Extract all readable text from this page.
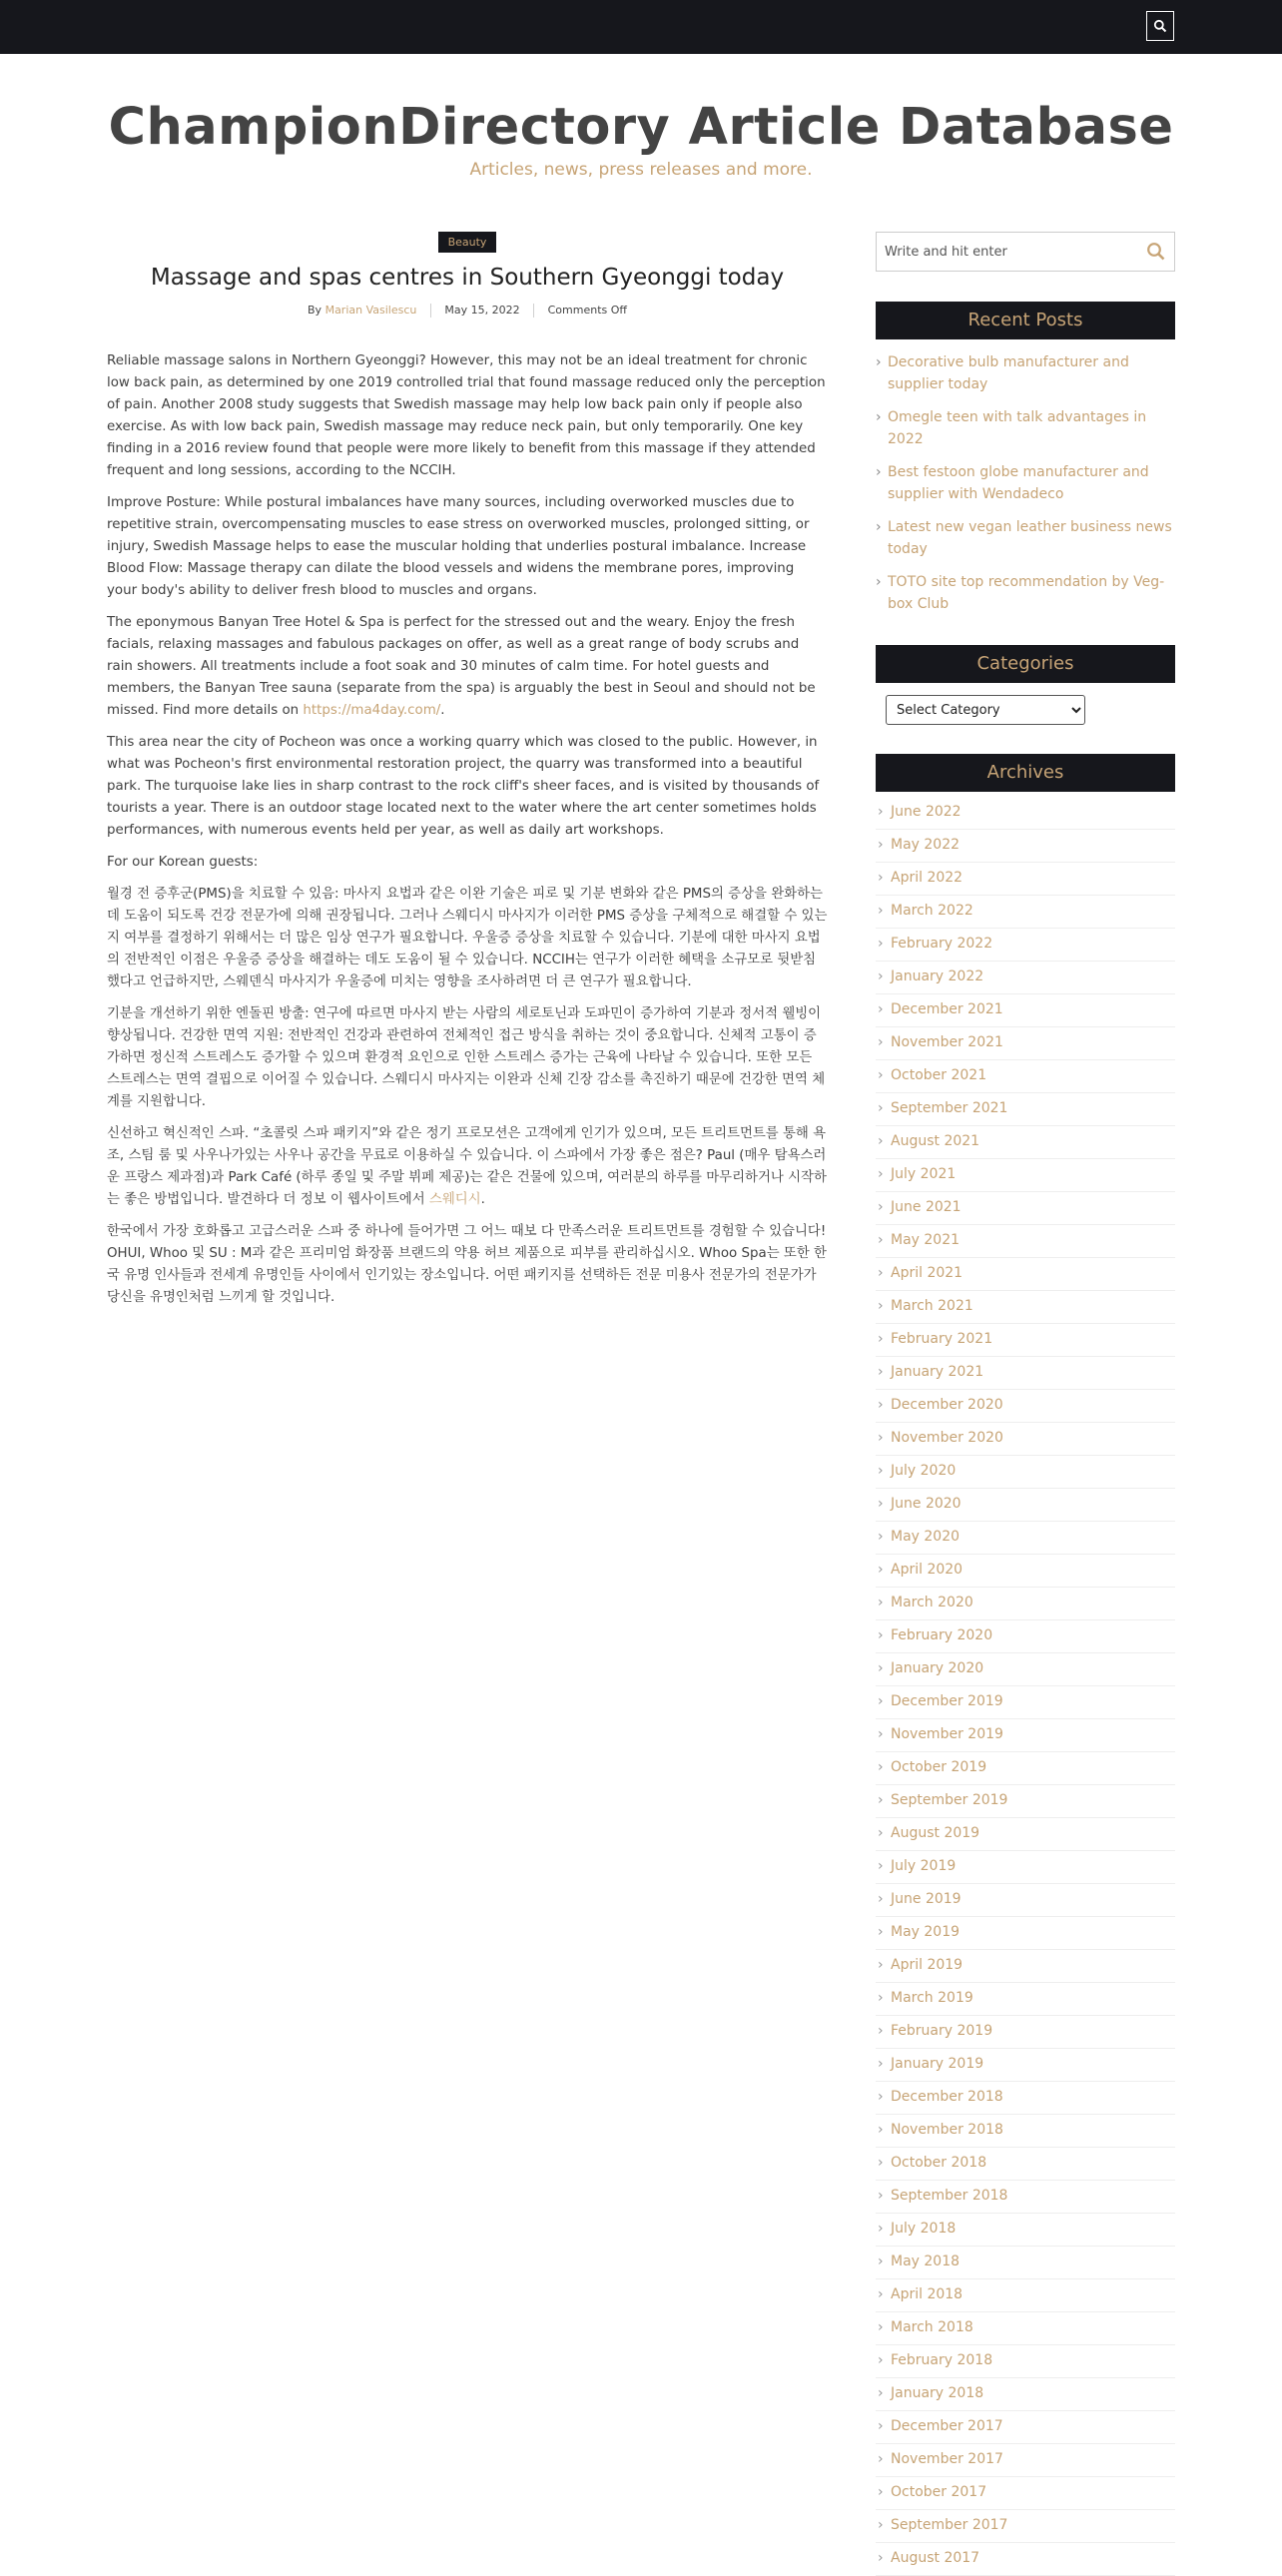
ChampionDirectory Article Database
Articles, news, press releases and more.
Beauty
Massage and spas centres in Southern Gyeonggi today
By Marian Vasilescu	May 15, 2022	Comments Off

Reliable massage salons in Northern Gyeonggi? However, this may not be an ideal treatment for chronic low back pain, as determined by one 2019 controlled trial that found massage reduced only the perception of pain. Another 2008 study suggests that Swedish massage may help low back pain only if people also exercise. As with low back pain, Swedish massage may reduce neck pain, but only temporarily. One key finding in a 2016 review found that people were more likely to benefit from this massage if they attended frequent and long sessions, according to the NCCIH.

Improve Posture: While postural imbalances have many sources, including overworked muscles due to repetitive strain, overcompensating muscles to ease stress on overworked muscles, prolonged sitting, or injury, Swedish Massage helps to ease the muscular holding that underlies postural imbalance. Increase Blood Flow: Massage therapy can dilate the blood vessels and widens the membrane pores, improving your body's ability to deliver fresh blood to muscles and organs.

The eponymous Banyan Tree Hotel & Spa is perfect for the stressed out and the weary. Enjoy the fresh facials, relaxing massages and fabulous packages on offer, as well as a great range of body scrubs and rain showers. All treatments include a foot soak and 30 minutes of calm time. For hotel guests and members, the Banyan Tree sauna (separate from the spa) is arguably the best in Seoul and should not be missed. Find more details on https://ma4day.com/.

This area near the city of Pocheon was once a working quarry which was closed to the public. However, in what was Pocheon's first environmental restoration project, the quarry was transformed into a beautiful park. The turquoise lake lies in sharp contrast to the rock cliff's sheer faces, and is visited by thousands of tourists a year. There is an outdoor stage located next to the water where the art center sometimes holds performances, with numerous events held per year, as well as daily art workshops.

For our Korean guests:

월경 전 증후군(PMS)을 치료할 수 있음: 마사지 요법과 같은 이완 기술은 피로 및 기분 변화와 같은 PMS의 증상을 완화하는 데 도움이 되도록 건강 전문가에 의해 권장됩니다. 그러나 스웨디시 마사지가 이러한 PMS 증상을 구체적으로 해결할 수 있는지 여부를 결정하기 위해서는 더 많은 임상 연구가 필요합니다. 우울증 증상을 치료할 수 있습니다. 기분에 대한 마사지 요법의 전반적인 이점은 우울증 증상을 해결하는 데도 도움이 될 수 있습니다. NCCIH는 연구가 이러한 혜택을 소규모로 뒷받침했다고 언급하지만, 스웨덴식 마사지가 우울증에 미치는 영향을 조사하려면 더 큰 연구가 필요합니다.

기분을 개선하기 위한 엔돌핀 방출: 연구에 따르면 마사지 받는 사람의 세로토닌과 도파민이 증가하여 기분과 정서적 웰빙이 향상됩니다. 건강한 면역 지원: 전반적인 건강과 관련하여 전체적인 접근 방식을 취하는 것이 중요합니다. 신체적 고통이 증가하면 정신적 스트레스도 증가할 수 있으며 환경적 요인으로 인한 스트레스 증가는 근육에 나타날 수 있습니다. 또한 모든 스트레스는 면역 결핍으로 이어질 수 있습니다. 스웨디시 마사지는 이완과 신체 긴장 감소를 촉진하기 때문에 건강한 면역 체계를 지원합니다.

신선하고 혁신적인 스파. “초콜릿 스파 패키지”와 같은 정기 프로모션은 고객에게 인기가 있으며, 모든 트리트먼트를 통해 욕조, 스팀 룸 및 사우나가있는 사우나 공간을 무료로 이용하실 수 있습니다. 이 스파에서 가장 좋은 점은? Paul (매우 탐욕스러운 프랑스 제과점)과 Park Café (하루 종일 및 주말 뷔페 제공)는 같은 건물에 있으며, 여러분의 하루를 마무리하거나 시작하는 좋은 방법입니다. 발견하다 더 정보 이 웹사이트에서 스웨디시.

한국에서 가장 호화롭고 고급스러운 스파 중 하나에 들어가면 그 어느 때보 다 만족스러운 트리트먼트를 경험할 수 있습니다! OHUI, Whoo 및 SU : M과 같은 프리미엄 화장품 브랜드의 약용 허브 제품으로 피부를 관리하십시오. Whoo Spa는 또한 한국 유명 인사들과 전세계 유명인들 사이에서 인기있는 장소입니다. 어떤 패키지를 선택하든 전문 미용사 전문가의 전문가가 당신을 유명인처럼 느끼게 할 것입니다.

Write and hit enter
Recent Posts
› Decorative bulb manufacturer and supplier today
› Omegle teen with talk advantages in 2022
› Best festoon globe manufacturer and supplier with Wendadeco
› Latest new vegan leather business news today
› TOTO site top recommendation by Veg-box Club
Categories
Select Category
Archives
› June 2022
› May 2022
› April 2022
› March 2022
› February 2022
› January 2022
› December 2021
› November 2021
› October 2021
› September 2021
› August 2021
› July 2021
› June 2021
› May 2021
› April 2021
› March 2021
› February 2021
› January 2021
› December 2020
› November 2020
› July 2020
› June 2020
› May 2020
› April 2020
› March 2020
› February 2020
› January 2020
› December 2019
› November 2019
› October 2019
› September 2019
› August 2019
› July 2019
› June 2019
› May 2019
› April 2019
› March 2019
› February 2019
› January 2019
› December 2018
› November 2018
› October 2018
› September 2018
› July 2018
› May 2018
› April 2018
› March 2018
› February 2018
› January 2018
› December 2017
› November 2017
› October 2017
› September 2017
› August 2017
